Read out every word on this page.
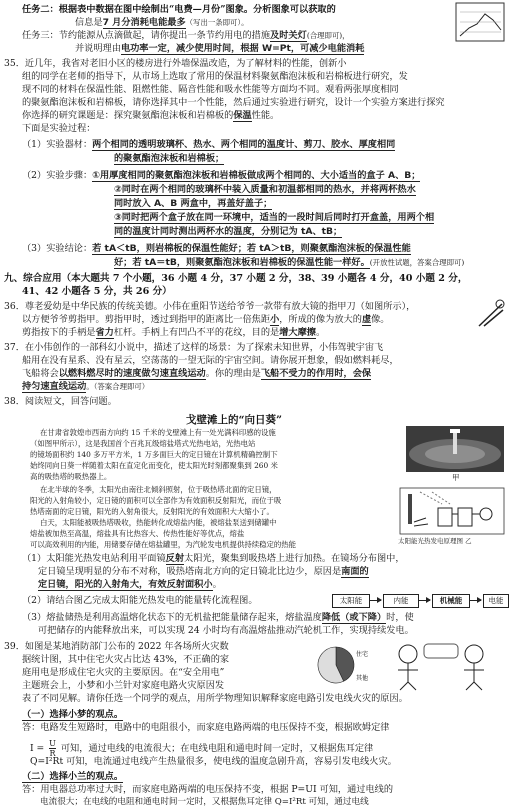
任务二：根据表中数据在图中绘制出“电费—月份”图象。分析图象可以获取的
信息是7 月分消耗电能最多（写出一条即可）。
任务三：节约能源从点滴做起，请你提出一条节约用电的措施及时关灯(合理即可)，
并说明理由电功率一定，减少使用时间，根据 W=Pt，可减少电能消耗
35．近几年，我省对老旧小区的楼房进行外墙保温改造，为了解材料的性能，创新小
组的同学在老师的指导下，从市场上选取了常用的保温材料聚氨酯泡沫板和岩棉板进行研究，发
现不同的材料在保温性能、阻燃性能、隔音性能和吸水性能等方面均不同。观看两张厚度相同
的聚氨酯泡沫板和岩棉板，请你选择其中一个性能，然后通过实验进行研究，设计一个实验方案进行探究
你选择的研究课题是：探究聚氨酯泡沫板和岩棉板的保温性能。
下面是实验过程：
（1）实验器材：两个相同的透明玻璃杯、热水、两个相同的温度计、剪刀、胶水、厚度相同
的聚氨酯泡沫板和岩棉板；
（2）实验步骤：①用厚度相同的聚氨酯泡沫板和岩棉板做成两个相同的、大小适当的盒子 A、B；
②同时在两个相同的玻璃杯中装入质量和初温都相同的热水，并将两杯热水
同时放入 A、B 两盒中，再盖好盖子；
③同时把两个盒子放在同一环境中，适当的一段时间后同时打开盒盖，用两个相
同的温度计同时测出两杯水的温度，分别记为 tA、tB；
（3）实验结论：若 tA＜tB，则岩棉板的保温性能好；若 tA＞tB，则聚氨酯泡沫板的保温性能
好；若 tA＝tB，则聚氨酯泡沫板和岩棉板的保温性能一样好。(开放性试题，答案合理即可)
九、综合应用（本大题共 7 个小题，36 小题 4 分，37 小题 2 分，38、39 小题各 4 分，40 小题 2 分，
41、42 小题各 5 分，共 26 分）
36．尊老爱幼是中华民族的传统美德。小伟在重阳节送给爷爷一款带有放大镜的指甲刀（如图所示），
以方便爷爷剪指甲。剪指甲时，透过到指甲的距离比一倍焦距小，所成的像为放大的虚像。
剪指按下的手柄是省力杠杆。手柄上有凹凸不平的花纹，目的是增大摩擦。
37．在小伟创作的一部科幻小说中，描述了这样的场景：为了探索未知世界，小伟驾驶宇宙飞
船用在没有星系、没有星云，空荡荡的一望无际的宇宙空间。请你展开想象，假如燃料耗尽，
飞船将会以燃料燃尽时的速度做匀速直线运动。你的理由是飞船不受力的作用时，会保
持匀速直线运动。（答案合理即可）
38．阅读短文，回答问题。
戈壁滩上的“向日葵”
在甘肃省敦煌市西南方向约 15 千米的戈壁滩上有一处光满科印感的设施
（如图甲所示），这是我国首个百兆瓦级熔盐塔式光热电站，光热电站
的镜场面积约 140 多万平方米，1 万多面巨大的定日镜在计算机精确控制下
始终同向日葵一样随着太阳在直定化而变化，使太阳光时刻都聚集到 260 米
高的吸热塔的吸热器上。
在北半球的冬季，太阳光由南往北倾斜照射，位于吸热塔北面的定日镜，
阳光的入射角较小，定日镜的面积可以全部作为有效面积反射阳光，而位于吸
热塔南面的定日镜，阳光的入射角很大，反射阳光的有效面积大大缩小了。
白天，太阳能被吸热塔吸收，热能转化成熔盐内能，被熔盐泵送到储罐中
熔盐被加热至高温，熔盐具有比热容大、传热性能好等优点，熔盐
可以高效利用的内能，用储要存储在熔盐罐里，为汽轮发电机提供持续稳定的热能
甲
太阳能光热发电原理图 乙
（1）太阳能光热发电站利用平面镜反射太阳光，聚集到吸热塔上进行加热。在镜场分布图中，
定日镜呈现明显的分布不对称，吸热塔南北方向的定日镜北比边少，原因是南面的
定日镜，阳光的入射角大，有效反射面积小。
（2）请结合图乙完成太阳能光热发电的能量转化流程图。	太阳能	内能	机械能	电能
（3）熔盐储热是利用高温熔化状态下的无机盐把能量储存起来，熔盐温度降低（或下降）时，使
可把储存的内能释放出来，可以实现 24 小时均有高温熔盐推动汽轮机工作，实现持续发电。
39．如图是某地消防部门公布的 2022 年各场所火灾数
据统计图，其中住宅火灾占比达 43%，不正确的家
庭用电是形成住宅火灾的主要原因。在“安全用电”
主题班会上，小梦和小兰针对家庭电路火灾原因发
表了不同见解。请你任选一个同学的观点，用所学物理知识解释家庭电路引发电线火灾的原因。
住宅
其他
（一）选择小梦的观点。
答：电路发生短路时，电路中的电阻很小，而家庭电路两端的电压保持不变，根据欧姆定律
$I = \frac{U}{R}$ 可知，通过电线的电流很大；在电线电阻和通电时间一定时，又根据焦耳定律
Q=I²Rt 可知，电流通过电线产生热量很多，使电线的温度急剧升高，容易引发电线火灾。
（二）选择小兰的观点。
答：用电器总功率过大时，而家庭电路两端的电压保持不变，根据 P=UI 可知，通过电线的
电流很大；在电线的电阻和通电时间一定时，又根据焦耳定律 Q=I²Rt 可知，通过电线
